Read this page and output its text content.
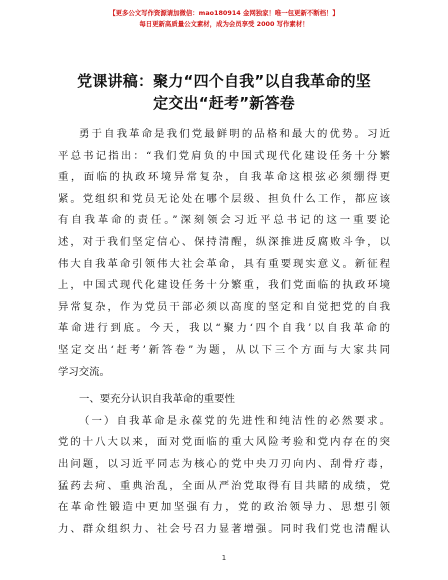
【更多公文写作资源请加微信：mao180914 金网独家！唯一包更新不断档！】
每日更新高质量公文素材，成为会员享受 2000 写作素材！
党课讲稿：聚力“四个自我”以自我革命的坚
定交出“赶考”新答卷
勇于自我革命是我们党最鲜明的品格和最大的优势。习近
平总书记指出：“我们党肩负的中国式现代化建设任务十分繁
重，面临的执政环境异常复杂，自我革命这根弦必须绷得更
紧。党组织和党员无论处在哪个层级、担负什么工作，都应该
有自我革命的责任。”深刻领会习近平总书记的这一重要论
述，对于我们坚定信心、保持清醒，纵深推进反腐败斗争，以
伟大自我革命引领伟大社会革命，具有重要现实意义。新征程
上，中国式现代化建设任务十分繁重，我们党面临的执政环境
异常复杂，作为党员干部必须以高度的坚定和自觉把党的自我
革命进行到底。今天，我以“聚力‘四个自我’以自我革命的
坚定交出‘赶考’新答卷”为题，从以下三个方面与大家共同
学习交流。
一、要充分认识自我革命的重要性
（一）自我革命是永葆党的先进性和纯洁性的必然要求。
党的十八大以来，面对党面临的重大风险考验和党内存在的突
出问题，以习近平同志为核心的党中央刀刃向内、刮骨疗毒，
猛药去疴、重典治乱，全面从严治党取得有目共睹的成绩，党
在革命性锻造中更加坚强有力，党的政治领导力、思想引领
力、群众组织力、社会号召力显著增强。同时我们党也清醒认
1
